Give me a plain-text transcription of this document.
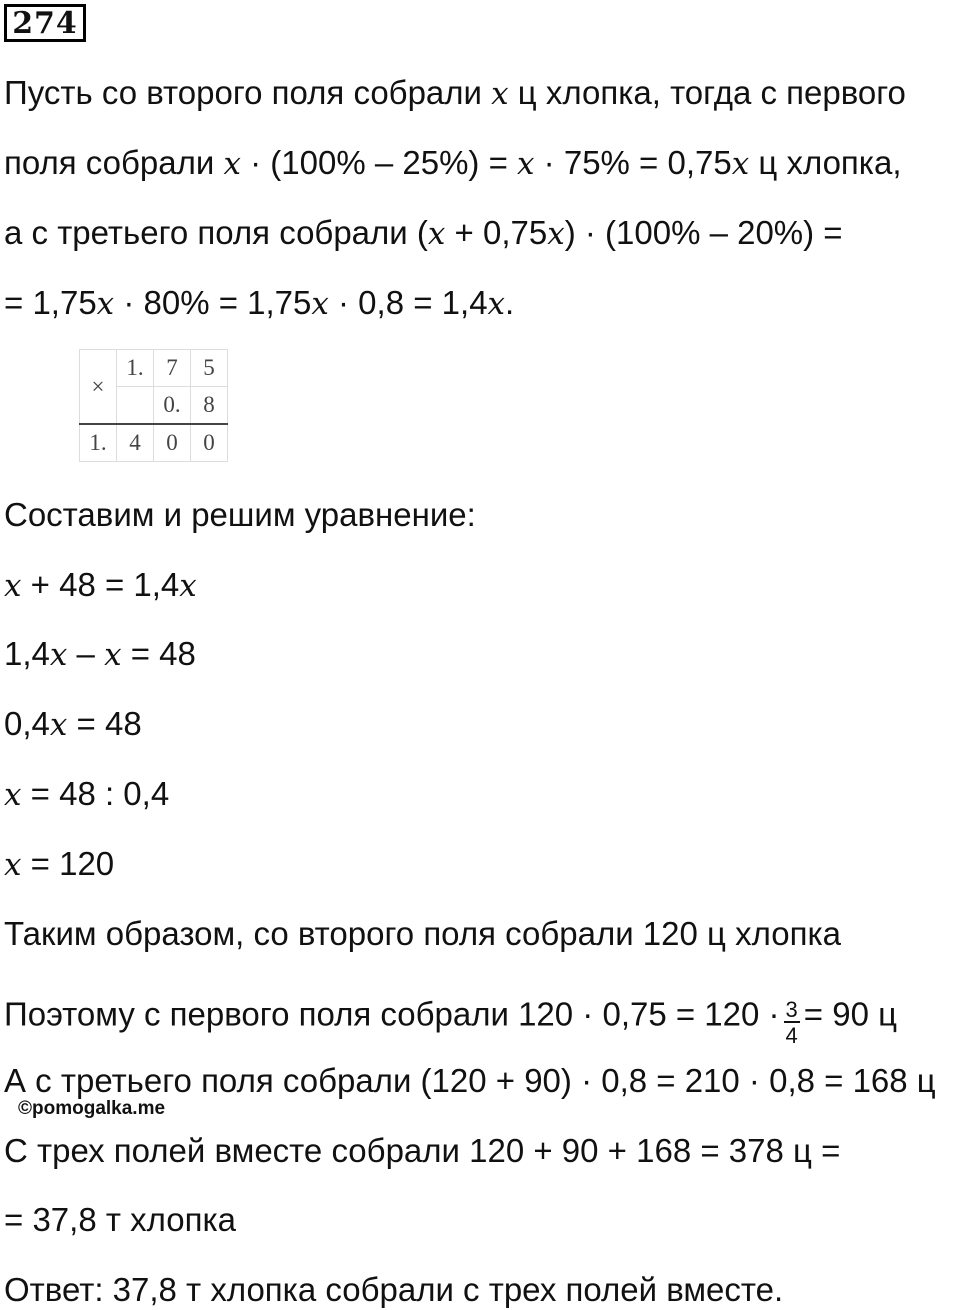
274
Пусть со второго поля собрали 𝑥 ц хлопка, тогда с первого
поля собрали 𝑥 · (100% – 25%) = 𝑥 · 75% = 0,75𝑥 ц хлопка,
а с третьего поля собрали (𝑥 + 0,75𝑥) · (100% – 20%) =
= 1,75𝑥 · 80% = 1,75𝑥 · 0,8 = 1,4𝑥.
×	1.	7	5
		0.	8
1.	4	0	0
Составим и решим уравнение:
𝑥 + 48 = 1,4𝑥
1,4𝑥 – 𝑥 = 48
0,4𝑥 = 48
𝑥 = 48 : 0,4
𝑥 = 120
Таким образом, со второго поля собрали 120 ц хлопка
Поэтому с первого поля собрали $120 \cdot 0,75 = 120 \cdot \frac{3}{4} = 90$ ц
А с третьего поля собрали (120 + 90) · 0,8 = 210 · 0,8 = 168 ц
©pomogalka.me
С трех полей вместе собрали 120 + 90 + 168 = 378 ц =
= 37,8 т хлопка
Ответ: 37,8 т хлопка собрали с трех полей вместе.
